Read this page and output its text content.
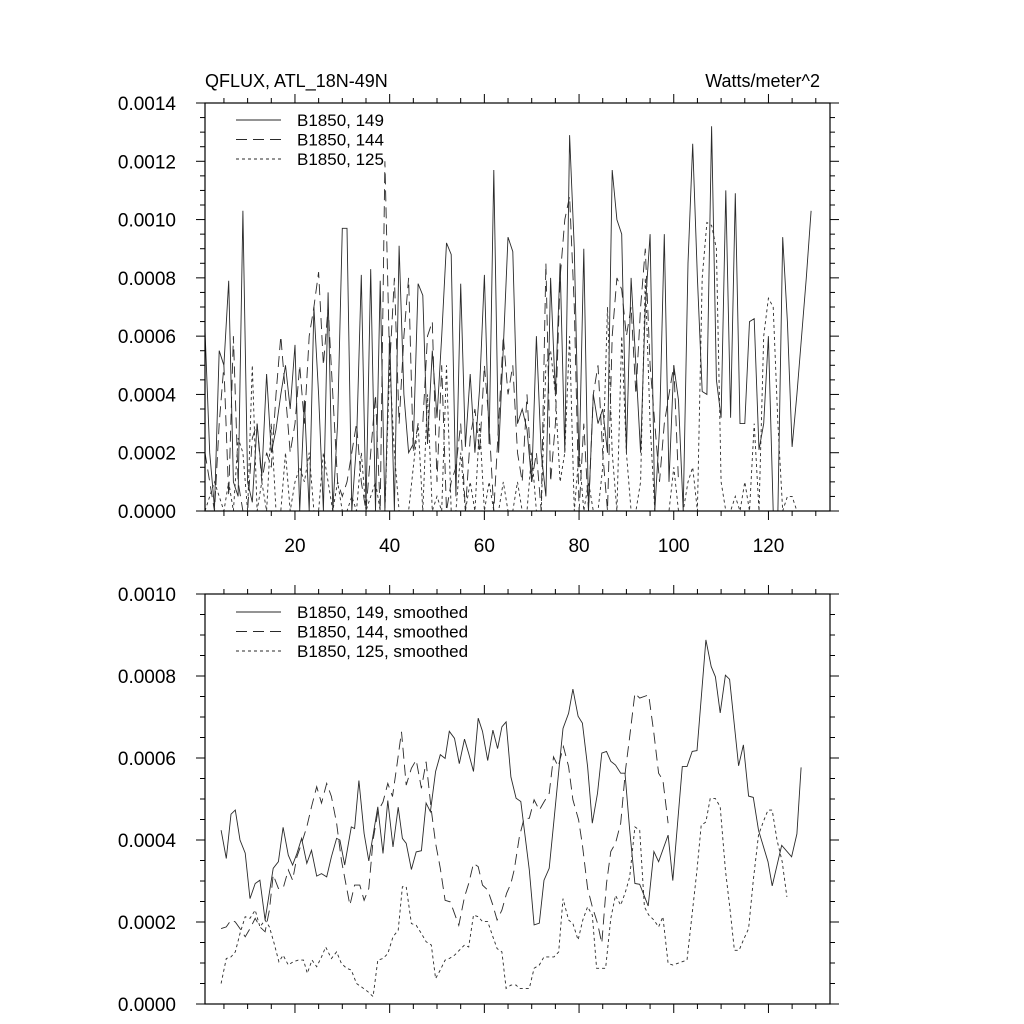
QFLUX, ATL_18N-49N	Watts/meter^2
B1850, 149
B1850, 144
B1850, 125
20	40	60	80	100	120
0.0000
0.0002
0.0004
0.0006
0.0008
0.0010
0.0012
0.0014
B1850, 149, smoothed
B1850, 144, smoothed
B1850, 125, smoothed
0.0000
0.0002
0.0004
0.0006
0.0008
0.0010
